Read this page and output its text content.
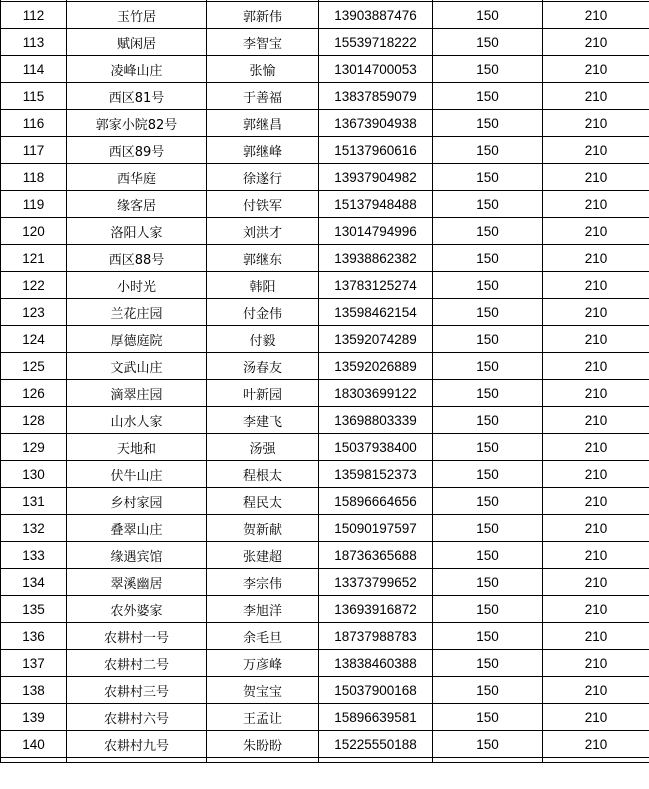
112	玉竹居	郭新伟	13903887476	150	210
113	赋闲居	李智宝	15539718222	150	210
114	凌峰山庄	张愉	13014700053	150	210
115	西区81号	于善福	13837859079	150	210
116	郭家小院82号	郭继昌	13673904938	150	210
117	西区89号	郭继峰	15137960616	150	210
118	西华庭	徐遂行	13937904982	150	210
119	缘客居	付铁军	15137948488	150	210
120	洛阳人家	刘洪才	13014794996	150	210
121	西区88号	郭继东	13938862382	150	210
122	小时光	韩阳	13783125274	150	210
123	兰花庄园	付金伟	13598462154	150	210
124	厚德庭院	付毅	13592074289	150	210
125	文武山庄	汤春友	13592026889	150	210
126	滴翠庄园	叶新园	18303699122	150	210
128	山水人家	李建飞	13698803339	150	210
129	天地和	汤强	15037938400	150	210
130	伏牛山庄	程根太	13598152373	150	210
131	乡村家园	程民太	15896664656	150	210
132	叠翠山庄	贺新献	15090197597	150	210
133	缘遇宾馆	张建超	18736365688	150	210
134	翠溪幽居	李宗伟	13373799652	150	210
135	农外婆家	李旭洋	13693916872	150	210
136	农耕村一号	余毛旦	18737988783	150	210
137	农耕村二号	万彦峰	13838460388	150	210
138	农耕村三号	贺宝宝	15037900168	150	210
139	农耕村六号	王孟让	15896639581	150	210
140	农耕村九号	朱盼盼	15225550188	150	210
